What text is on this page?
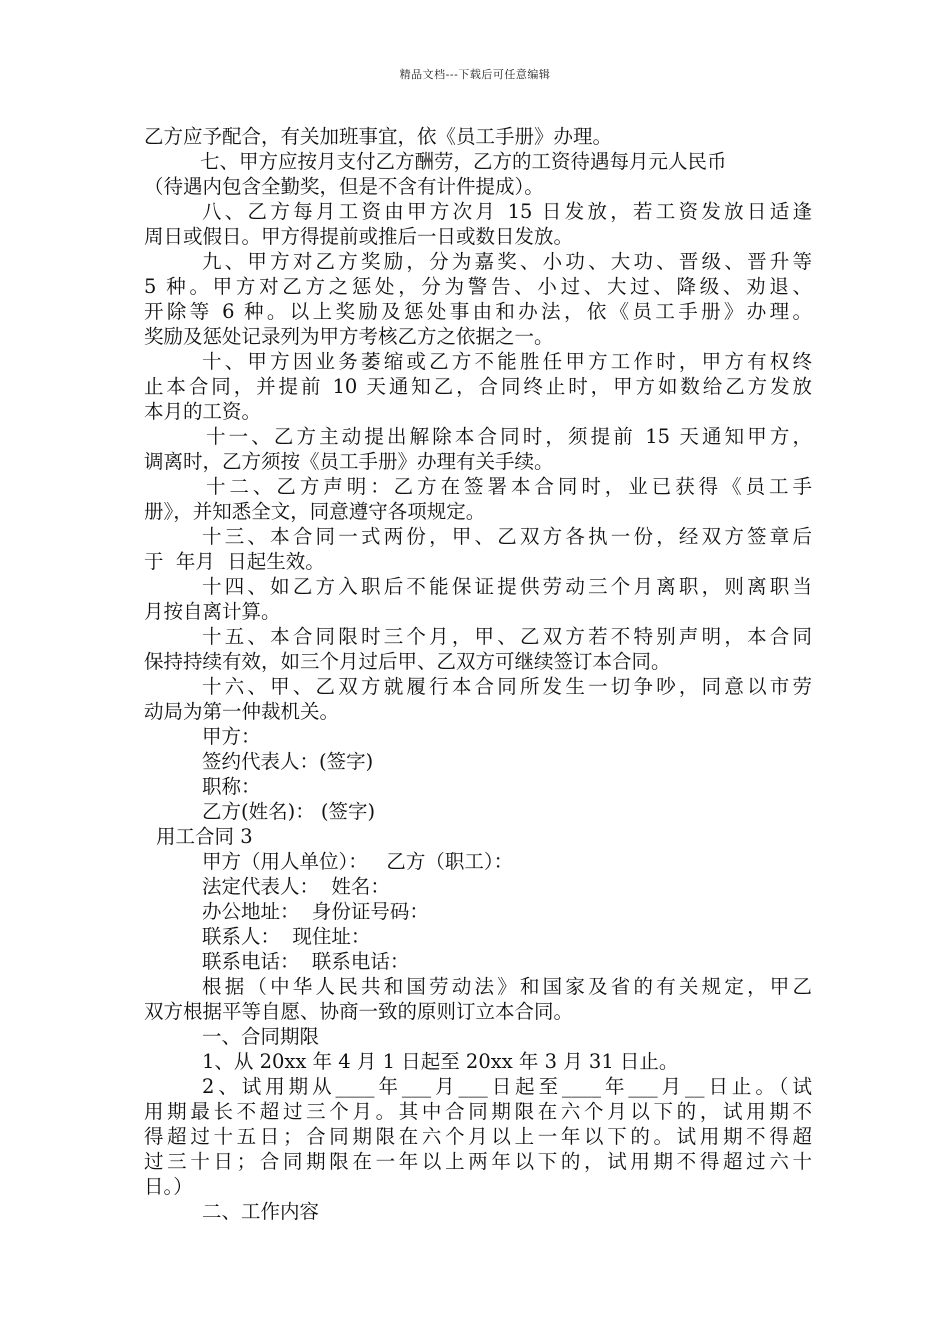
精品文档---下载后可任意编辑
乙方应予配合，有关加班事宜，依《员工手册》办理。
七、甲方应按月支付乙方酬劳，乙方的工资待遇每月元人民币
（待遇内包含全勤奖，但是不含有计件提成）。
八、乙方每月工资由甲方次月 15 日发放，若工资发放日适逢
周日或假日。甲方得提前或推后一日或数日发放。
九、甲方对乙方奖励，分为嘉奖、小功、大功、晋级、晋升等
5 种。甲方对乙方之惩处，分为警告、小过、大过、降级、劝退、
开除等 6 种。以上奖励及惩处事由和办法，依《员工手册》办理。
奖励及惩处记录列为甲方考核乙方之依据之一。
十、甲方因业务萎缩或乙方不能胜任甲方工作时，甲方有权终
止本合同，并提前 10 天通知乙，合同终止时，甲方如数给乙方发放
本月的工资。
十一、乙方主动提出解除本合同时，须提前 15 天通知甲方，
调离时，乙方须按《员工手册》办理有关手续。
十二、乙方声明：乙方在签署本合同时，业已获得《员工手
册》，并知悉全文，同意遵守各项规定。
十三、本合同一式两份，甲、乙双方各执一份，经双方签章后
于  年月  日起生效。
十四、如乙方入职后不能保证提供劳动三个月离职，则离职当
月按自离计算。
十五、本合同限时三个月，甲、乙双方若不特别声明，本合同
保持持续有效，如三个月过后甲、乙双方可继续签订本合同。
十六、甲、乙双方就履行本合同所发生一切争吵，同意以市劳
动局为第一仲裁机关。
甲方：
签约代表人：(签字)
职称：
乙方(姓名)： (签字)
用工合同 3
甲方（用人单位）：   乙方（职工）：
法定代表人：  姓名：
办公地址：  身份证号码：
联系人：  现住址：
联系电话：  联系电话：
根据（中华人民共和国劳动法》和国家及省的有关规定，甲乙
双方根据平等自愿、协商一致的原则订立本合同。
一、合同期限
1、从 20xx 年 4 月 1 日起至 20xx 年 3 月 31 日止。
2、试用期从____年___月___日起至____年___月__日止。（试
用期最长不超过三个月。其中合同期限在六个月以下的，试用期不
得超过十五日；合同期限在六个月以上一年以下的。试用期不得超
过三十日；合同期限在一年以上两年以下的，试用期不得超过六十
日。）
二、工作内容
